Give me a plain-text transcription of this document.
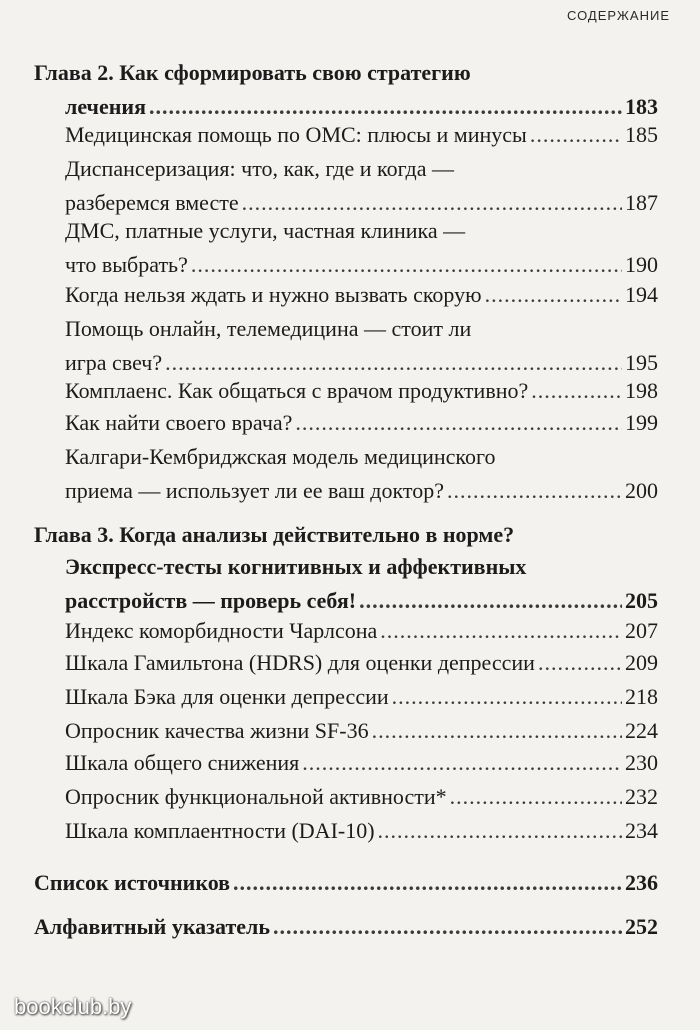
СОДЕРЖАНИЕ
Глава 2. Как сформировать свою стратегию
лечения .....	183
Медицинская помощь по ОМС: плюсы и минусы .....	185
Диспансеризация: что, как, где и когда —
разберемся вместе .....	187
ДМС, платные услуги, частная клиника —
что выбрать? .....	190
Когда нельзя ждать и нужно вызвать скорую .....	194
Помощь онлайн, телемедицина — стоит ли
игра свеч? .....	195
Комплаенс. Как общаться с врачом продуктивно? .....	198
Как найти своего врача? .....	199
Калгари-Кембриджская модель медицинского
приема — использует ли ее ваш доктор? .....	200
Глава 3. Когда анализы действительно в норме?
Экспресс-тесты когнитивных и аффективных
расстройств — проверь себя! .....	205
Индекс коморбидности Чарлсона .....	207
Шкала Гамильтона (HDRS) для оценки депрессии .....	209
Шкала Бэка для оценки депрессии .....	218
Опросник качества жизни SF-36 .....	224
Шкала общего снижения .....	230
Опросник функциональной активности* .....	232
Шкала комплаентности (DAI-10) .....	234
Список источников .....	236
Алфавитный указатель .....	252
bookclub.by
